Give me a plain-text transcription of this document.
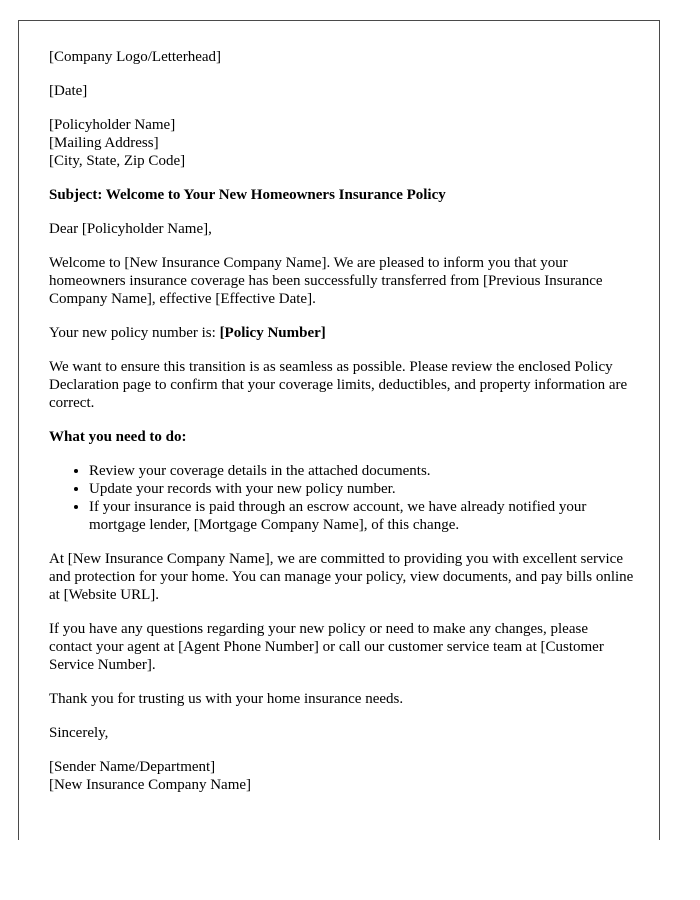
[Company Logo/Letterhead]

[Date]

[Policyholder Name]
[Mailing Address]
[City, State, Zip Code]

Subject: Welcome to Your New Homeowners Insurance Policy

Dear [Policyholder Name],

Welcome to [New Insurance Company Name]. We are pleased to inform you that your homeowners insurance coverage has been successfully transferred from [Previous Insurance Company Name], effective [Effective Date].

Your new policy number is: [Policy Number]

We want to ensure this transition is as seamless as possible. Please review the enclosed Policy Declaration page to confirm that your coverage limits, deductibles, and property information are correct.

What you need to do:

• Review your coverage details in the attached documents.
• Update your records with your new policy number.
• If your insurance is paid through an escrow account, we have already notified your mortgage lender, [Mortgage Company Name], of this change.

At [New Insurance Company Name], we are committed to providing you with excellent service and protection for your home. You can manage your policy, view documents, and pay bills online at [Website URL].

If you have any questions regarding your new policy or need to make any changes, please contact your agent at [Agent Phone Number] or call our customer service team at [Customer Service Number].

Thank you for trusting us with your home insurance needs.

Sincerely,

[Sender Name/Department]
[New Insurance Company Name]
